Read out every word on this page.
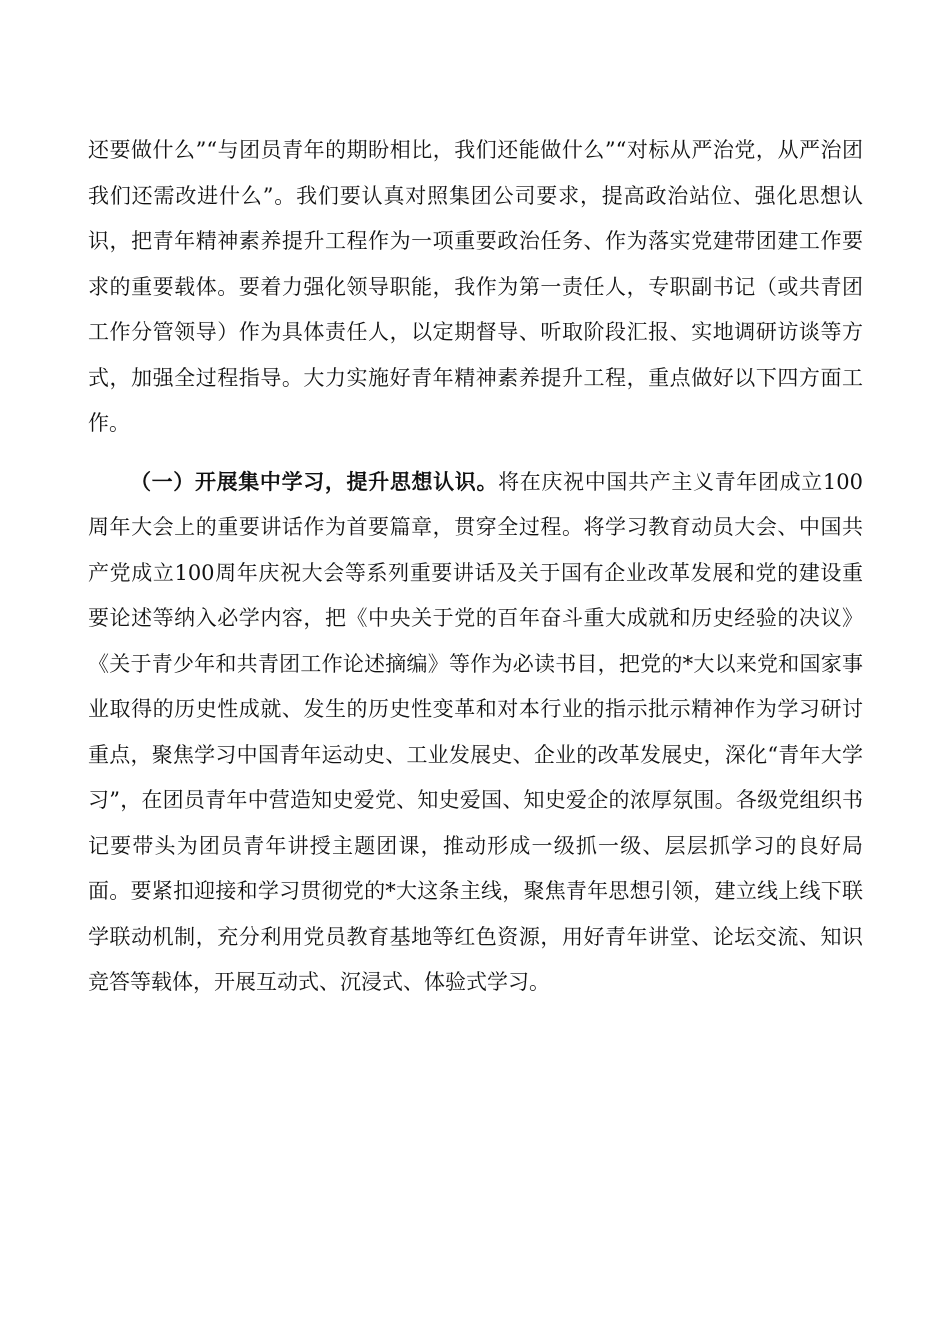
还要做什么”“与团员青年的期盼相比，我们还能做什么”“对标从严治党，从严治团我们还需改进什么”。我们要认真对照集团公司要求，提高政治站位、强化思想认识，把青年精神素养提升工程作为一项重要政治任务、作为落实党建带团建工作要求的重要载体。要着力强化领导职能，我作为第一责任人，专职副书记（或共青团工作分管领导）作为具体责任人，以定期督导、听取阶段汇报、实地调研访谈等方式，加强全过程指导。大力实施好青年精神素养提升工程，重点做好以下四方面工作。

（一）开展集中学习，提升思想认识。将在庆祝中国共产主义青年团成立100周年大会上的重要讲话作为首要篇章，贯穿全过程。将学习教育动员大会、中国共产党成立100周年庆祝大会等系列重要讲话及关于国有企业改革发展和党的建设重要论述等纳入必学内容，把《中央关于党的百年奋斗重大成就和历史经验的决议》《关于青少年和共青团工作论述摘编》等作为必读书目，把党的*大以来党和国家事业取得的历史性成就、发生的历史性变革和对本行业的指示批示精神作为学习研讨重点，聚焦学习中国青年运动史、工业发展史、企业的改革发展史，深化“青年大学习”，在团员青年中营造知史爱党、知史爱国、知史爱企的浓厚氛围。各级党组织书记要带头为团员青年讲授主题团课，推动形成一级抓一级、层层抓学习的良好局面。要紧扣迎接和学习贯彻党的*大这条主线，聚焦青年思想引领，建立线上线下联学联动机制，充分利用党员教育基地等红色资源，用好青年讲堂、论坛交流、知识竞答等载体，开展互动式、沉浸式、体验式学习。
